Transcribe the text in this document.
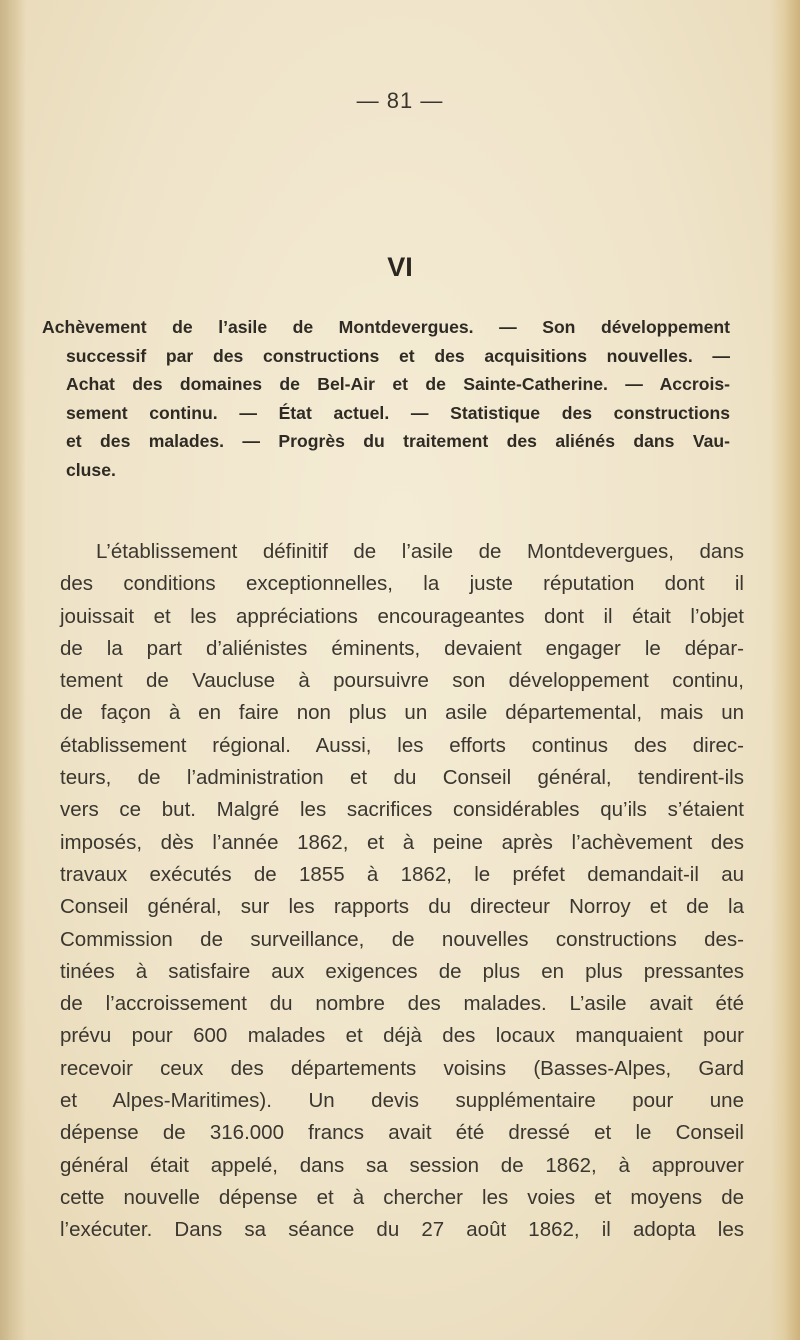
— 81 —
VI
Achèvement de l’asile de Montdevergues. — Son développement
successif par des constructions et des acquisitions nouvelles. —
Achat des domaines de Bel-Air et de Sainte-Catherine. — Accrois-
sement continu. — État actuel. — Statistique des constructions
et des malades. — Progrès du traitement des aliénés dans Vau-
cluse.
L’établissement définitif de l’asile de Montdevergues, dans
des conditions exceptionnelles, la juste réputation dont il
jouissait et les appréciations encourageantes dont il était l’objet
de la part d’aliénistes éminents, devaient engager le dépar-
tement de Vaucluse à poursuivre son développement continu,
de façon à en faire non plus un asile départemental, mais un
établissement régional. Aussi, les efforts continus des direc-
teurs, de l’administration et du Conseil général, tendirent-ils
vers ce but. Malgré les sacrifices considérables qu’ils s’étaient
imposés, dès l’année 1862, et à peine après l’achèvement des
travaux exécutés de 1855 à 1862, le préfet demandait-il au
Conseil général, sur les rapports du directeur Norroy et de la
Commission de surveillance, de nouvelles constructions des-
tinées à satisfaire aux exigences de plus en plus pressantes
de l’accroissement du nombre des malades. L’asile avait été
prévu pour 600 malades et déjà des locaux manquaient pour
recevoir ceux des départements voisins (Basses-Alpes, Gard
et Alpes-Maritimes). Un devis supplémentaire pour une
dépense de 316.000 francs avait été dressé et le Conseil
général était appelé, dans sa session de 1862, à approuver
cette nouvelle dépense et à chercher les voies et moyens de
l’exécuter. Dans sa séance du 27 août 1862, il adopta les
